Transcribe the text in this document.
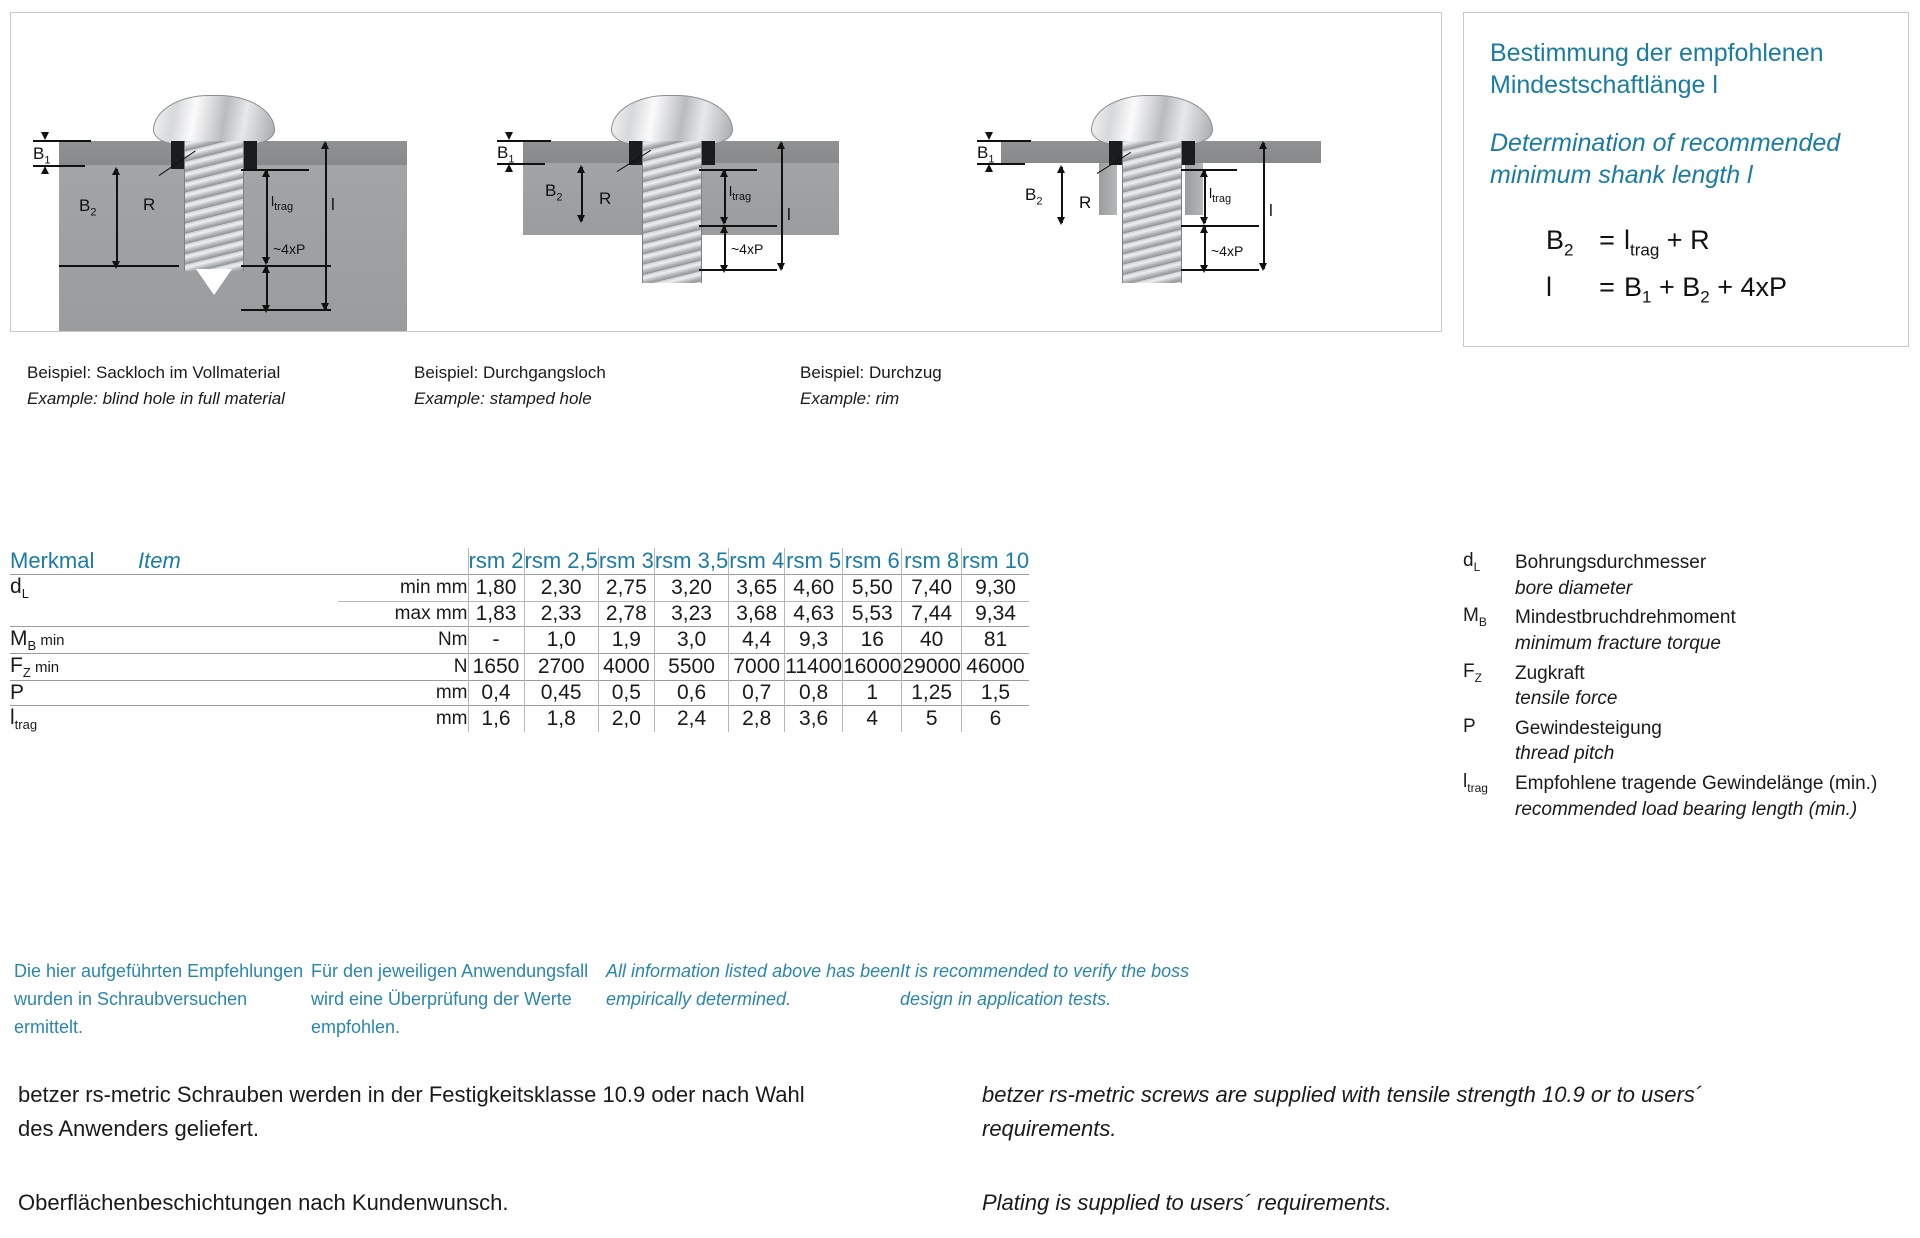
$B_1$
$B_2$	R	$l_{trag}$
~4xP
l
$B_1$
$B_2$ R	$l_{trag}$
~4xP
l
$B_1$
$B_2$ R	$l_{trag}$
~4xP
l
Bestimmung der empfohlenen Mindestschaftlänge l
Determination of recommended minimum shank length l
$B_2 = l_{trag} + R$
l	= $B_1 + B_2 + 4xP$
Beispiel: Sackloch im Vollmaterial
Example: blind hole in full material
Beispiel: Durchgangsloch
Example: stamped hole
Beispiel: Durchzug
Example: rim
Merkmal	Item		rsm 2	rsm 2,5	rsm 3	rsm 3,5	rsm 4	rsm 5	rsm 6	rsm 8	rsm 10
$d_L$		min mm	1,80	2,30	2,75	3,20	3,65	4,60	5,50	7,40	9,30
		max mm	1,83	2,33	2,78	3,23	3,68	4,63	5,53	7,44	9,34
$M_B$ min		Nm	-	1,0	1,9	3,0	4,4	9,3	16	40	81
$F_Z$ min		N	1650	2700	4000	5500	7000	11400	16000	29000	46000
P		mm	0,4	0,45	0,5	0,6	0,7	0,8	1	1,25	1,5
$l_{trag}$		mm	1,6	1,8	2,0	2,4	2,8	3,6	4	5	6
$d_L$	Bohrungsdurchmesser
bore diameter
$M_B$	Mindestbruchdrehmoment
minimum fracture torque
$F_Z$	Zugkraft
tensile force
P	Gewindesteigung
thread pitch
$l_{trag}$	Empfohlene tragende Gewindelänge (min.)
recommended load bearing length (min.)
Die hier aufgeführten Empfehlungen wurden in Schraubversuchen ermittelt.
Für den jeweiligen Anwendungsfall wird eine Überprüfung der Werte empfohlen.
All information listed above has been empirically determined.
It is recommended to verify the boss design in application tests.
betzer rs-metric Schrauben werden in der Festigkeitsklasse 10.9 oder nach Wahl des Anwenders geliefert.
Oberflächenbeschichtungen nach Kundenwunsch.
betzer rs-metric screws are supplied with tensile strength 10.9 or to users´ requirements.
Plating is supplied to users´ requirements.
